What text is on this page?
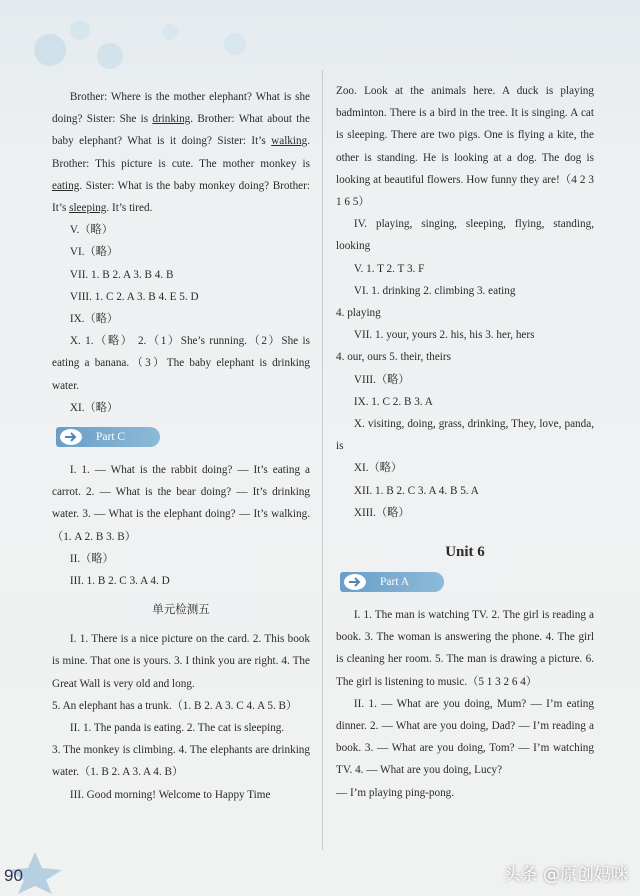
Brother: Where is the mother elephant? What is she doing? Sister: She is drinking. Brother: What about the baby elephant? What is it doing? Sister: It’s walking. Brother: This picture is cute. The mother monkey is eating. Sister: What is the baby monkey doing? Brother: It’s sleeping. It’s tired.

V.（略）

VI.（略）

VII. 1. B 2. A 3. B 4. B

VIII. 1. C 2. A 3. B 4. E 5. D

IX.（略）

X. 1.（略） 2.（1）She’s running.（2）She is eating a banana.（3）The baby elephant is drinking water.

XI.（略）

Part C

I. 1. — What is the rabbit doing? — It’s eating a carrot. 2. — What is the bear doing? — It’s drinking water. 3. — What is the elephant doing? — It’s walking.（1. A 2. B 3. B）

II.（略）

III. 1. B 2. C 3. A 4. D

单元检测五

I. 1. There is a nice picture on the card. 2. This book is mine. That one is yours. 3. I think you are right. 4. The Great Wall is very old and long.

5. An elephant has a trunk.（1. B 2. A 3. C 4. A 5. B）

II. 1. The panda is eating. 2. The cat is sleeping.

3. The monkey is climbing. 4. The elephants are drinking water.（1. B 2. A 3. A 4. B）

III. Good morning! Welcome to Happy Time

Zoo. Look at the animals here. A duck is playing badminton. There is a bird in the tree. It is singing. A cat is sleeping. There are two pigs. One is flying a kite, the other is standing. He is looking at a dog. The dog is looking at beautiful flowers. How funny they are!（4 2 3 1 6 5）

IV. playing, singing, sleeping, flying, standing, looking

V. 1. T 2. T 3. F

VI. 1. drinking 2. climbing 3. eating

4. playing

VII. 1. your, yours 2. his, his 3. her, hers

4. our, ours 5. their, theirs

VIII.（略）

IX. 1. C 2. B 3. A

X. visiting, doing, grass, drinking, They, love, panda, is

XI.（略）

XII. 1. B 2. C 3. A 4. B 5. A

XIII.（略）

Unit 6
Part A

I. 1. The man is watching TV. 2. The girl is reading a book. 3. The woman is answering the phone. 4. The girl is cleaning her room. 5. The man is drawing a picture. 6. The girl is listening to music.（5 1 3 2 6 4）

II. 1. — What are you doing, Mum? — I’m eating dinner. 2. — What are you doing, Dad? — I’m reading a book. 3. — What are you doing, Tom? — I’m watching TV. 4. — What are you doing, Lucy?

— I’m playing ping-pong.

90	头条 @原创妈咪
